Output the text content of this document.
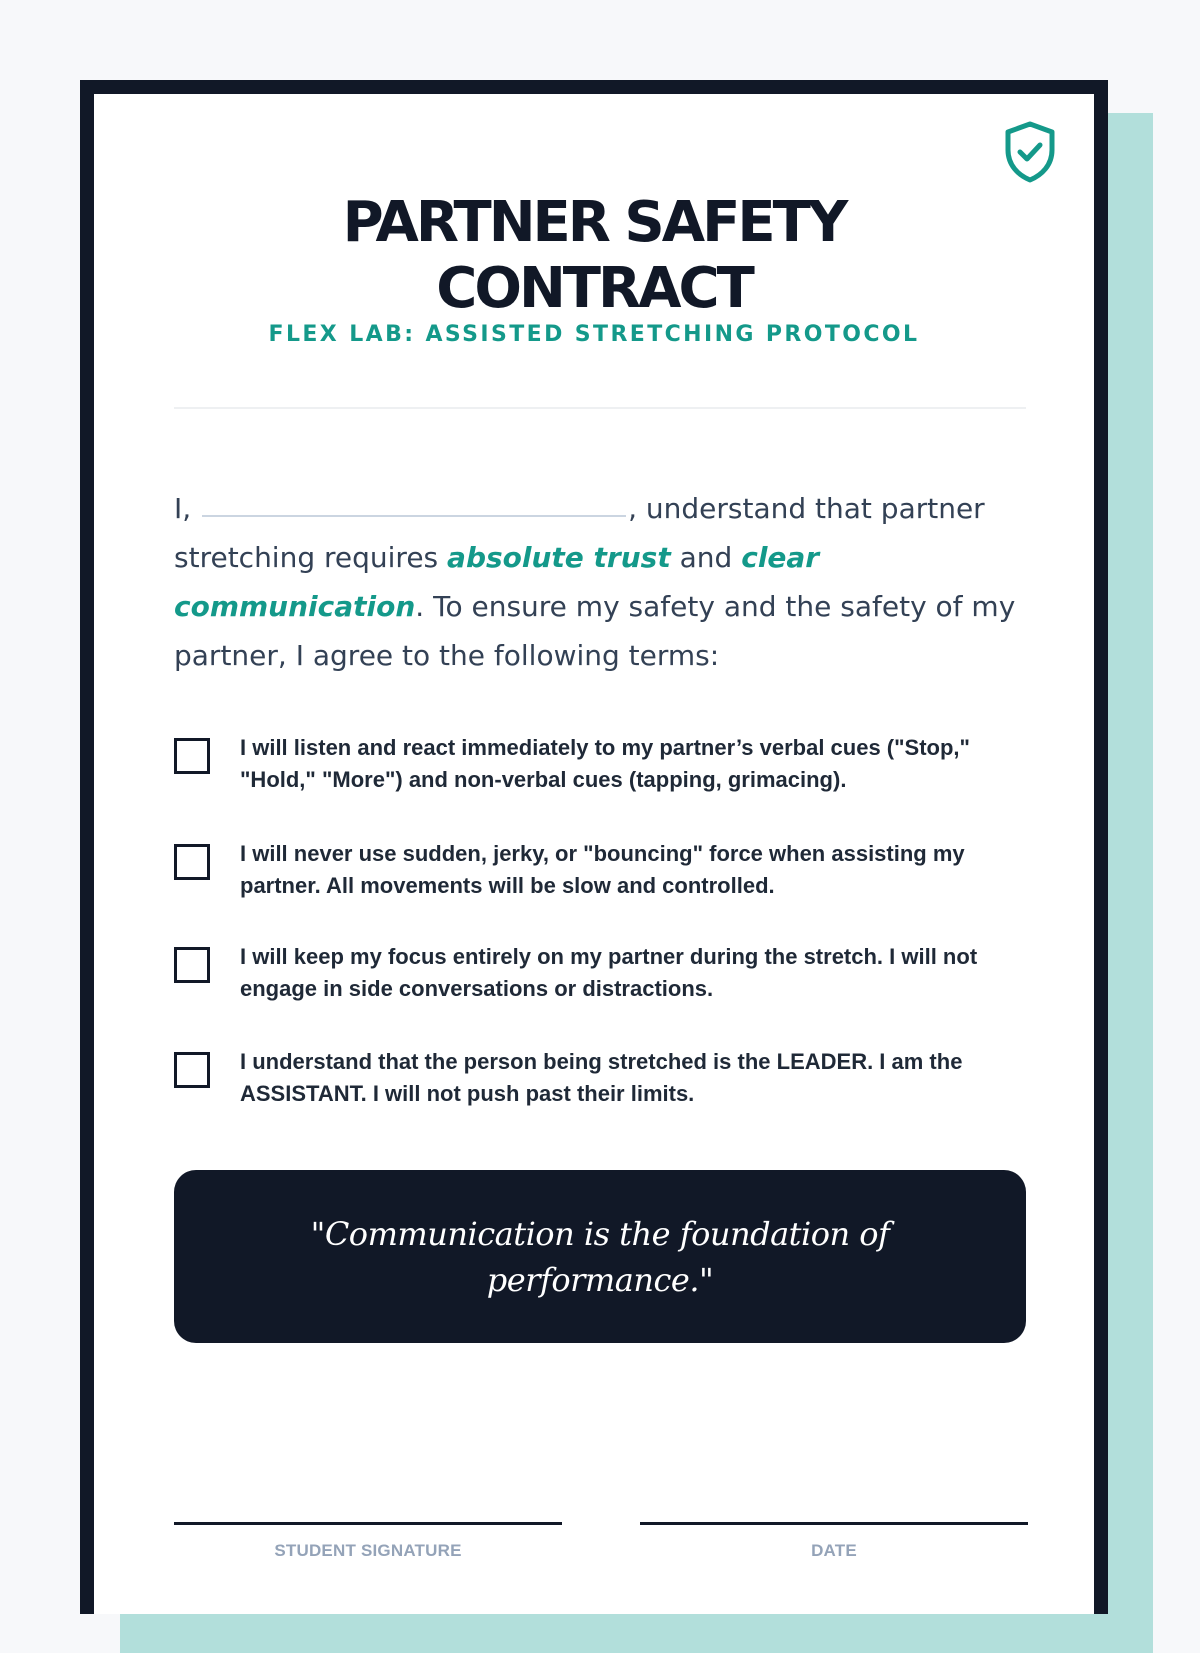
PARTNER SAFETY
CONTRACT
FLEX LAB: ASSISTED STRETCHING PROTOCOL
I,	, understand that partner stretching requires absolute trust and clear communication. To ensure my safety and the safety of my partner, I agree to the following terms:
I will listen and react immediately to my partner’s verbal cues ("Stop," "Hold," "More") and non-verbal cues (tapping, grimacing).
I will never use sudden, jerky, or "bouncing" force when assisting my partner. All movements will be slow and controlled.
I will keep my focus entirely on my partner during the stretch. I will not engage in side conversations or distractions.
I understand that the person being stretched is the LEADER. I am the ASSISTANT. I will not push past their limits.
"Communication is the foundation of performance."
STUDENT SIGNATURE	DATE
